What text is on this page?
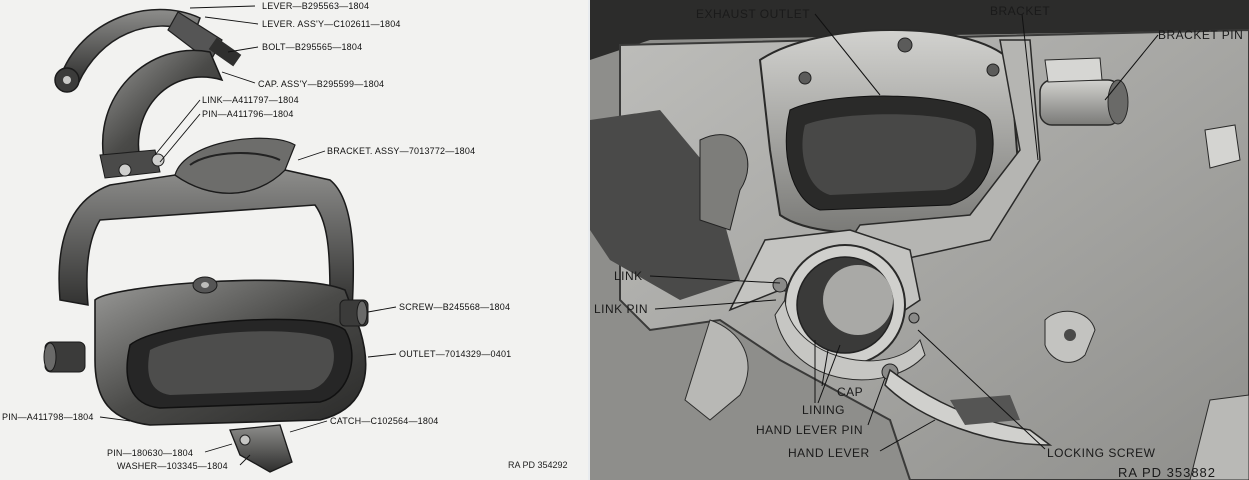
LEVER—B295563—1804
LEVER. ASS'Y—C102611—1804
BOLT—B295565—1804
CAP. ASS'Y—B295599—1804
LINK—A411797—1804
PIN—A411796—1804
BRACKET. ASSY—7013772—1804
SCREW—B245568—1804
OUTLET—7014329—0401
PIN—A411798—1804	CATCH—C102564—1804
PIN—180630—1804
WASHER—103345—1804	RA PD 354292
EXHAUST OUTLET	BRACKET
BRACKET PIN
LINK
LINK PIN
CAP
LINING
HAND LEVER PIN
HAND LEVER	LOCKING SCREW
RA PD 353882
